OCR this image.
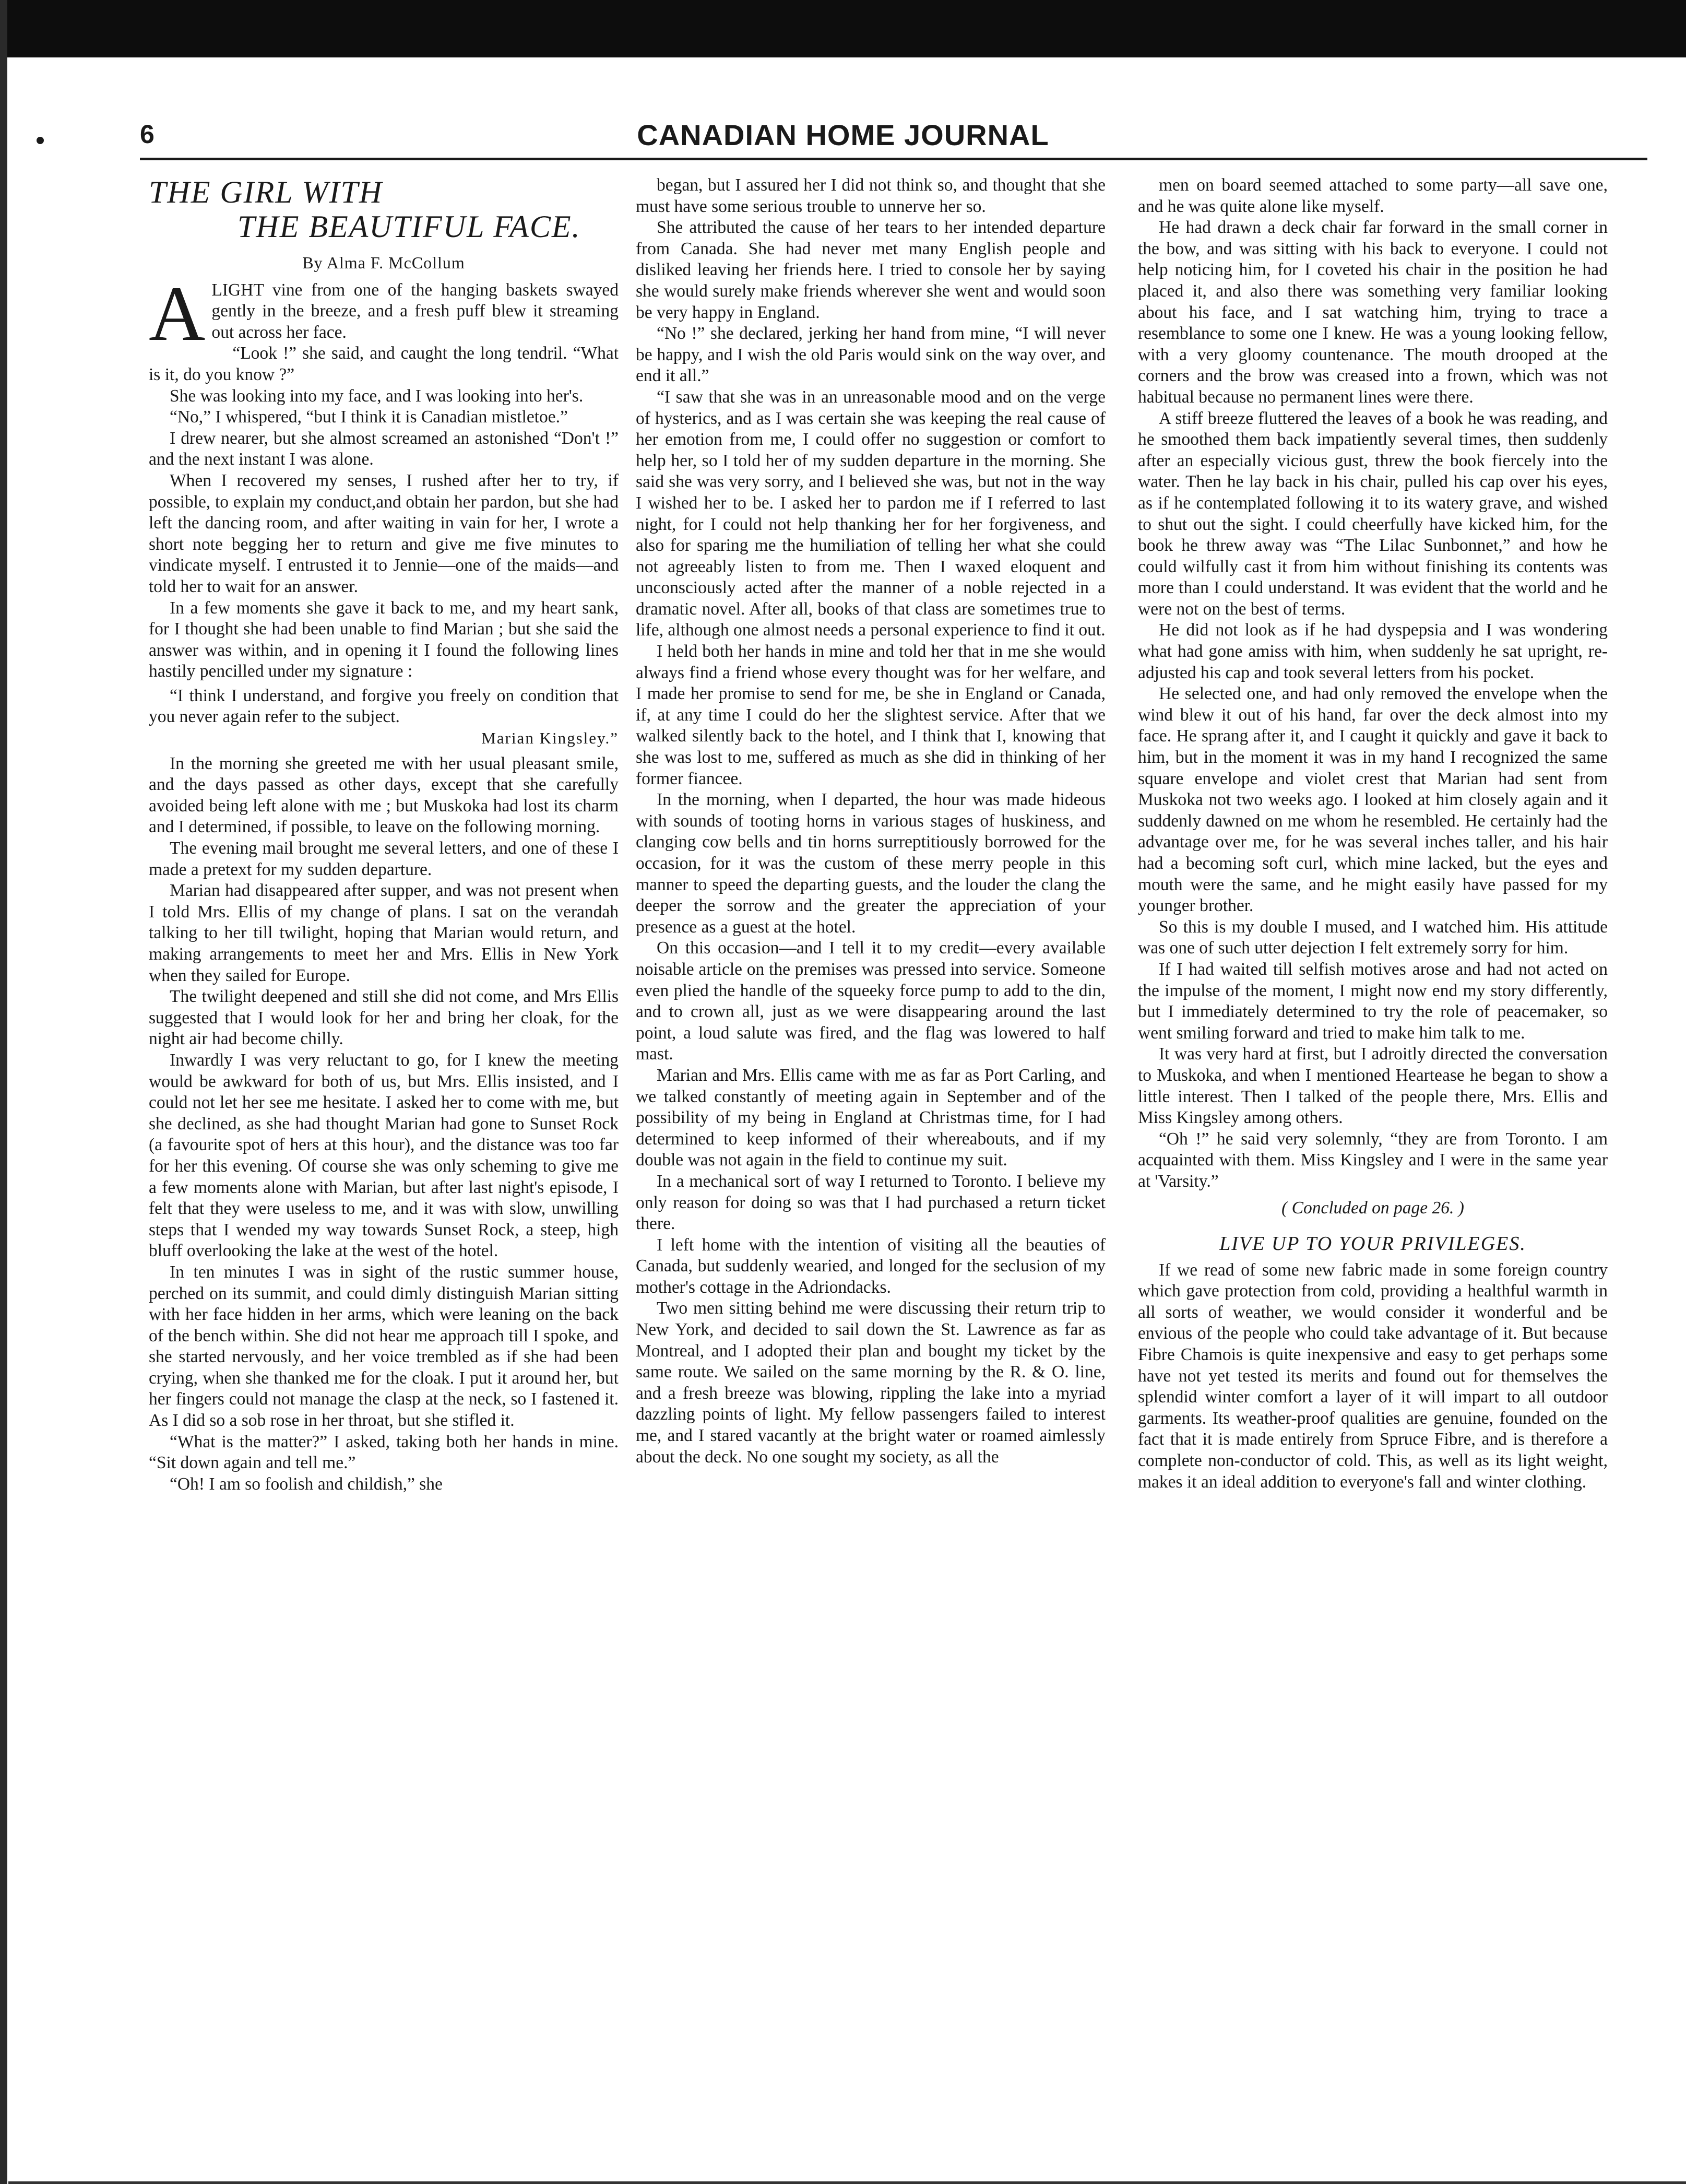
6	CANADIAN HOME JOURNAL
THE GIRL WITH
THE BEAUTIFUL FACE.
By Alma F. McCollum

ALIGHT vine from one of the hanging baskets swayed gently in the breeze, and a fresh puff blew it streaming out across her face.

“Look !” she said, and caught the long tendril. “What is it, do you know ?”

She was looking into my face, and I was looking into her's.

“No,” I whispered, “but I think it is Canadian mistletoe.”

I drew nearer, but she almost screamed an astonished “Don't !” and the next instant I was alone.

When I recovered my senses, I rushed after her to try, if possible, to explain my conduct,and obtain her pardon, but she had left the dancing room, and after waiting in vain for her, I wrote a short note begging her to return and give me five minutes to vindicate myself. I entrusted it to Jennie—one of the maids—and told her to wait for an answer.

In a few moments she gave it back to me, and my heart sank, for I thought she had been unable to find Marian ; but she said the answer was within, and in opening it I found the following lines hastily pencilled under my signature :

“I think I understand, and forgive you freely on condition that you never again refer to the subject.

Marian Kingsley.”

In the morning she greeted me with her usual pleasant smile, and the days passed as other days, except that she carefully avoided being left alone with me ; but Muskoka had lost its charm and I determined, if possible, to leave on the following morning.

The evening mail brought me several letters, and one of these I made a pretext for my sudden departure.

Marian had disappeared after supper, and was not present when I told Mrs. Ellis of my change of plans. I sat on the verandah talking to her till twilight, hoping that Marian would return, and making arrangements to meet her and Mrs. Ellis in New York when they sailed for Europe.

The twilight deepened and still she did not come, and Mrs Ellis suggested that I would look for her and bring her cloak, for the night air had become chilly.

Inwardly I was very reluctant to go, for I knew the meeting would be awkward for both of us, but Mrs. Ellis insisted, and I could not let her see me hesitate. I asked her to come with me, but she declined, as she had thought Marian had gone to Sunset Rock (a favourite spot of hers at this hour), and the distance was too far for her this evening. Of course she was only scheming to give me a few moments alone with Marian, but after last night's episode, I felt that they were useless to me, and it was with slow, unwilling steps that I wended my way towards Sunset Rock, a steep, high bluff overlooking the lake at the west of the hotel.

In ten minutes I was in sight of the rustic summer house, perched on its summit, and could dimly distinguish Marian sitting with her face hidden in her arms, which were leaning on the back of the bench within. She did not hear me approach till I spoke, and she started nervously, and her voice trembled as if she had been crying, when she thanked me for the cloak. I put it around her, but her fingers could not manage the clasp at the neck, so I fastened it. As I did so a sob rose in her throat, but she stifled it.

“What is the matter?” I asked, taking both her hands in mine. “Sit down again and tell me.”

“Oh! I am so foolish and childish,” she

began, but I assured her I did not think so, and thought that she must have some serious trouble to unnerve her so.

She attributed the cause of her tears to her intended departure from Canada. She had never met many English people and disliked leaving her friends here. I tried to console her by saying she would surely make friends wherever she went and would soon be very happy in England.

“No !” she declared, jerking her hand from mine, “I will never be happy, and I wish the old Paris would sink on the way over, and end it all.”

“I saw that she was in an unreasonable mood and on the verge of hysterics, and as I was certain she was keeping the real cause of her emotion from me, I could offer no suggestion or comfort to help her, so I told her of my sudden departure in the morning. She said she was very sorry, and I believed she was, but not in the way I wished her to be. I asked her to pardon me if I referred to last night, for I could not help thanking her for her forgiveness, and also for sparing me the humiliation of telling her what she could not agreeably listen to from me. Then I waxed eloquent and unconsciously acted after the manner of a noble rejected in a dramatic novel. After all, books of that class are sometimes true to life, although one almost needs a personal experience to find it out.

I held both her hands in mine and told her that in me she would always find a friend whose every thought was for her welfare, and I made her promise to send for me, be she in England or Canada, if, at any time I could do her the slightest service. After that we walked silently back to the hotel, and I think that I, knowing that she was lost to me, suffered as much as she did in thinking of her former fiancee.

In the morning, when I departed, the hour was made hideous with sounds of tooting horns in various stages of huskiness, and clanging cow bells and tin horns surreptitiously borrowed for the occasion, for it was the custom of these merry people in this manner to speed the departing guests, and the louder the clang the deeper the sorrow and the greater the appreciation of your presence as a guest at the hotel.

On this occasion—and I tell it to my credit—every available noisable article on the premises was pressed into service. Someone even plied the handle of the squeeky force pump to add to the din, and to crown all, just as we were disappearing around the last point, a loud salute was fired, and the flag was lowered to half mast.

Marian and Mrs. Ellis came with me as far as Port Carling, and we talked constantly of meeting again in September and of the possibility of my being in England at Christmas time, for I had determined to keep informed of their whereabouts, and if my double was not again in the field to continue my suit.

In a mechanical sort of way I returned to Toronto. I believe my only reason for doing so was that I had purchased a return ticket there.

I left home with the intention of visiting all the beauties of Canada, but suddenly wearied, and longed for the seclusion of my mother's cottage in the Adriondacks.

Two men sitting behind me were discussing their return trip to New York, and decided to sail down the St. Lawrence as far as Montreal, and I adopted their plan and bought my ticket by the same route. We sailed on the same morning by the R. & O. line, and a fresh breeze was blowing, rippling the lake into a myriad dazzling points of light. My fellow passengers failed to interest me, and I stared vacantly at the bright water or roamed aimlessly about the deck. No one sought my society, as all the

men on board seemed attached to some party—all save one, and he was quite alone like myself.

He had drawn a deck chair far forward in the small corner in the bow, and was sitting with his back to everyone. I could not help noticing him, for I coveted his chair in the position he had placed it, and also there was something very familiar looking about his face, and I sat watching him, trying to trace a resemblance to some one I knew. He was a young looking fellow, with a very gloomy countenance. The mouth drooped at the corners and the brow was creased into a frown, which was not habitual because no permanent lines were there.

A stiff breeze fluttered the leaves of a book he was reading, and he smoothed them back impatiently several times, then suddenly after an especially vicious gust, threw the book fiercely into the water. Then he lay back in his chair, pulled his cap over his eyes, as if he contemplated following it to its watery grave, and wished to shut out the sight. I could cheerfully have kicked him, for the book he threw away was “The Lilac Sunbonnet,” and how he could wilfully cast it from him without finishing its contents was more than I could understand. It was evident that the world and he were not on the best of terms.

He did not look as if he had dyspepsia and I was wondering what had gone amiss with him, when suddenly he sat upright, re-adjusted his cap and took several letters from his pocket.

He selected one, and had only removed the envelope when the wind blew it out of his hand, far over the deck almost into my face. He sprang after it, and I caught it quickly and gave it back to him, but in the moment it was in my hand I recognized the same square envelope and violet crest that Marian had sent from Muskoka not two weeks ago. I looked at him closely again and it suddenly dawned on me whom he resembled. He certainly had the advantage over me, for he was several inches taller, and his hair had a becoming soft curl, which mine lacked, but the eyes and mouth were the same, and he might easily have passed for my younger brother.

So this is my double I mused, and I watched him. His attitude was one of such utter dejection I felt extremely sorry for him.

If I had waited till selfish motives arose and had not acted on the impulse of the moment, I might now end my story differently, but I immediately determined to try the role of peacemaker, so went smiling forward and tried to make him talk to me.

It was very hard at first, but I adroitly directed the conversation to Muskoka, and when I mentioned Heartease he began to show a little interest. Then I talked of the people there, Mrs. Ellis and Miss Kingsley among others.

“Oh !” he said very solemnly, “they are from Toronto. I am acquainted with them. Miss Kingsley and I were in the same year at 'Varsity.”

( Concluded on page 26. )
LIVE UP TO YOUR PRIVILEGES.

If we read of some new fabric made in some foreign country which gave protection from cold, providing a healthful warmth in all sorts of weather, we would consider it wonderful and be envious of the people who could take advantage of it. But because Fibre Chamois is quite inexpensive and easy to get perhaps some have not yet tested its merits and found out for themselves the splendid winter comfort a layer of it will impart to all outdoor garments. Its weather-proof qualities are genuine, founded on the fact that it is made entirely from Spruce Fibre, and is therefore a complete non-conductor of cold. This, as well as its light weight, makes it an ideal addition to everyone's fall and winter clothing.
